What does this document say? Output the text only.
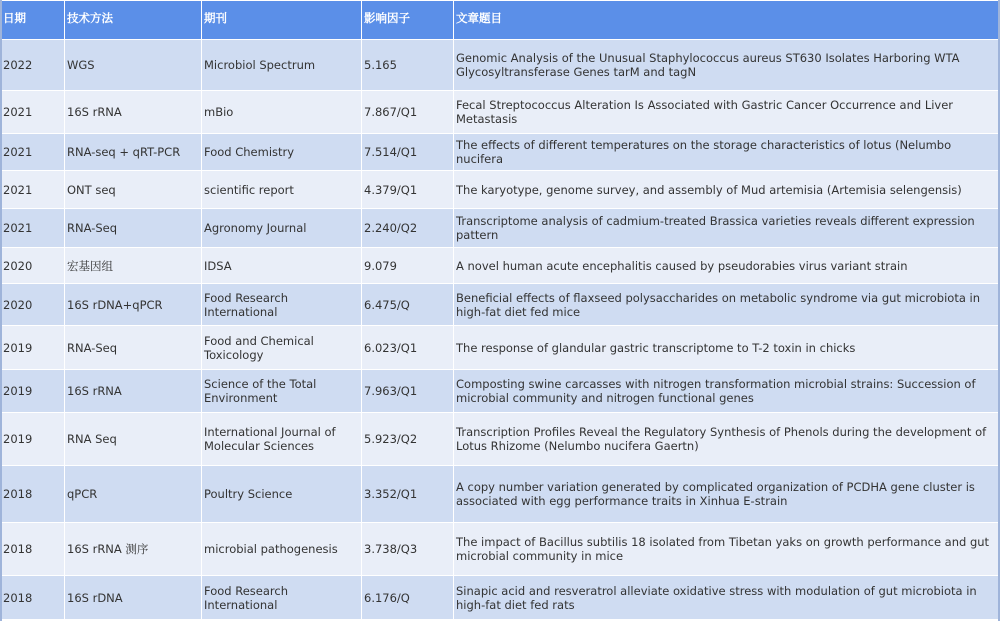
日期	技术方法	期刊	影响因子	文章题目
2022	WGS	Microbiol Spectrum	5.165	Genomic Analysis of the Unusual Staphylococcus aureus ST630 Isolates Harboring WTA Glycosyltransferase Genes tarM and tagN
2021	16S rRNA	mBio	7.867/Q1	Fecal Streptococcus Alteration Is Associated with Gastric Cancer Occurrence and Liver Metastasis
2021	RNA-seq + qRT-PCR	Food Chemistry	7.514/Q1	The effects of different temperatures on the storage characteristics of lotus (Nelumbo nucifera
2021	ONT seq	scientific report	4.379/Q1	The karyotype, genome survey, and assembly of Mud artemisia (Artemisia selengensis)
2021	RNA-Seq	Agronomy Journal	2.240/Q2	Transcriptome analysis of cadmium‑treated Brassica varieties reveals different expression pattern
2020	宏基因组	IDSA	9.079	A novel human acute encephalitis caused by pseudorabies virus variant strain
2020	16S rDNA+qPCR	Food Research International	6.475/Q	Beneficial effects of flaxseed polysaccharides on metabolic syndrome via gut microbiota in high-fat diet fed mice
2019	RNA-Seq	Food and Chemical Toxicology	6.023/Q1	The response of glandular gastric transcriptome to T-2 toxin in chicks
2019	16S rRNA	Science of the Total Environment	7.963/Q1	Composting swine carcasses with nitrogen transformation microbial strains: Succession of microbial community and nitrogen functional genes
2019	RNA Seq	International Journal of Molecular Sciences	5.923/Q2	Transcription Profiles Reveal the Regulatory Synthesis of Phenols during the development of Lotus Rhizome (Nelumbo nucifera Gaertn)
2018	qPCR	Poultry Science	3.352/Q1	A copy number variation generated by complicated organization of PCDHA gene cluster is associated with egg performance traits in Xinhua E-strain
2018	16S rRNA 测序	microbial pathogenesis	3.738/Q3	The impact of Bacillus subtilis 18 isolated from Tibetan yaks on growth performance and gut microbial community in mice
2018	16S rDNA	Food Research International	6.176/Q	Sinapic acid and resveratrol alleviate oxidative stress with modulation of gut microbiota in high-fat diet fed rats
